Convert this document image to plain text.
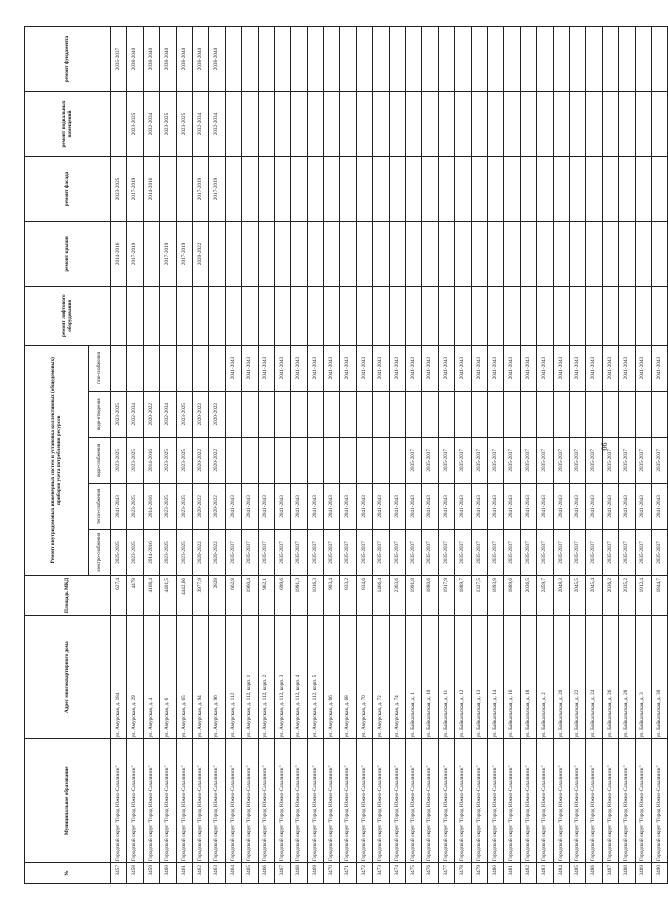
90
№	Муниципальное образование	Адрес многоквартирного дома	Площадь МКД	Ремонт внутридомовых инженерных систем и установка коллективных (общедомовых) приборов учета потребления ресурсов					ремонт лифтового оборудования	ремонт крыши	ремонт фасада	ремонт подвальных помещений	ремонт фундамента
				электро-снабжения	тепло-снабжения	водо-снабжения	водо-отведения	газо-снабжения					
3457	Городской округ "Город Южно-Сахалинск"	ул. Амурская, д. 184	627,4	2025-2025	2041-2043	2023-2025	2023-2025			2014-2016	2023-2025		2035-2037
3458	Городской округ "Город Южно-Сахалинск"	ул. Амурская, д. 29	4478	2023-2025	2023-2025	2023-2025	2032-2034			2017-2019	2017-2019	2023-2025	2038-2040
3459	Городской округ "Город Южно-Сахалинск"	ул. Амурская, д. 4	4168,4	2014-2016	2014-2016	2014-2016	2020-2022				2014-2016	2032-2034	2038-2040
3460	Городской округ "Город Южно-Сахалинск"	ул. Амурская, д. 6	4401,5	2023-2025	2023-2025	2023-2025	2032-2034			2017-2019		2023-2025	2038-2040
3461	Городской округ "Город Южно-Сахалинск"	ул. Амурская, д. 65	4442,66	2023-2025	2023-2025	2023-2025	2023-2025			2017-2019		2023-2025	2038-2040
3462	Городской округ "Город Южно-Сахалинск"	ул. Амурская, д. 94	3977,9	2020-2022	2020-2022	2020-2022	2020-2022			2020-2022	2017-2019	2032-2034	2038-2040
3463	Городской округ "Город Южно-Сахалинск"	ул. Амурская, д. 96	2828	2020-2022	2020-2022	2020-2022	2020-2022				2017-2019	2032-2034	2038-2040
3464	Городской округ "Город Южно-Сахалинск"	ул. Амурская, д. 112	662,8	2035-2037	2041-2043			2041-2043					
3465	Городской округ "Город Южно-Сахалинск"	ул. Амурская, д. 112, корп. 1	1960,4	2035-2037	2041-2043			2041-2043					
3466	Городской округ "Город Южно-Сахалинск"	ул. Амурская, д. 112, корп. 2	962,1	2035-2037	2041-2043			2041-2043					
3467	Городской округ "Город Южно-Сахалинск"	ул. Амурская, д. 112, корп. 3	699,6	2035-2037	2041-2043			2041-2043					
3468	Городской округ "Город Южно-Сахалинск"	ул. Амурская, д. 112, корп. 4	1991,3	2035-2037	2041-2043			2041-2043					
3469	Городской округ "Город Южно-Сахалинск"	ул. Амурская, д. 112, корп. 5	1016,3	2035-2037	2041-2043			2041-2043					
3470	Городской округ "Город Южно-Сахалинск"	ул. Амурская, д. 66	903,4	2035-2037	2041-2043			2041-2043					
3471	Городской округ "Город Южно-Сахалинск"	ул. Амурская, д. 68	833,2	2035-2037	2041-2043			2041-2043					
3472	Городской округ "Город Южно-Сахалинск"	ул. Амурская, д. 70	834,6	2035-2037	2041-2043			2041-2043					
3473	Городской округ "Город Южно-Сахалинск"	ул. Амурская, д. 72	1466,4	2035-2037	2041-2043			2041-2043					
3474	Городской округ "Город Южно-Сахалинск"	ул. Амурская, д. 74	2363,6	2035-2037	2041-2043			2041-2043					
3475	Городской округ "Город Южно-Сахалинск"	ул. Байкальская, д. 1	1991,8	2035-2037	2041-2043	2035-2037		2041-2043					
3476	Городской округ "Город Южно-Сахалинск"	ул. Байкальская, д. 10	1880,6	2035-2037	2041-2043	2035-2037		2041-2043					
3477	Городской округ "Город Южно-Сахалинск"	ул. Байкальская, д. 11	1917,9	2035-2037	2041-2043	2035-2037		2041-2043					
3478	Городской округ "Город Южно-Сахалинск"	ул. Байкальская, д. 12	1889,7	2035-2037	2041-2043	2035-2037		2041-2043					
3479	Городской округ "Город Южно-Сахалинск"	ул. Байкальская, д. 13	1327,5	2035-2037	2041-2043	2035-2037		2041-2043					
3480	Городской округ "Город Южно-Сахалинск"	ул. Байкальская, д. 14	1893,8	2035-2037	2041-2043	2035-2037		2041-2043					
3481	Городской округ "Город Южно-Сахалинск"	ул. Байкальская, д. 16	1889,6	2035-2037	2041-2043	2035-2037		2041-2043					
3482	Городской округ "Город Южно-Сахалинск"	ул. Байкальская, д. 18	2036,5	2035-2037	2041-2043	2035-2037		2041-2043					
3483	Городской округ "Город Южно-Сахалинск"	ул. Байкальская, д. 2	2459,7	2035-2037	2041-2043	2035-2037		2041-2043					
3484	Городской округ "Город Южно-Сахалинск"	ул. Байкальская, д. 20	2048,3	2035-2037	2041-2043	2035-2037		2041-2043					
3485	Городской округ "Город Южно-Сахалинск"	ул. Байкальская, д. 22	2045,5	2035-2037	2041-2043	2035-2037		2041-2043					
3486	Городской округ "Город Южно-Сахалинск"	ул. Байкальская, д. 24	2045,4	2035-2037	2041-2043	2035-2037		2041-2043					
3487	Городской округ "Город Южно-Сахалинск"	ул. Байкальская, д. 26	2036,2	2035-2037	2041-2043	2035-2037		2041-2043					
3488	Городской округ "Город Южно-Сахалинск"	ул. Байкальская, д. 28	2035,2	2035-2037	2041-2043	2035-2037		2041-2043					
3489	Городской округ "Город Южно-Сахалинск"	ул. Байкальская, д. 3	1912,4	2035-2037	2041-2043	2035-2037		2041-2043					
3490	Городской округ "Город Южно-Сахалинск"	ул. Байкальская, д. 30	1844,7	2035-2037	2041-2043	2035-2037		2041-2043					
